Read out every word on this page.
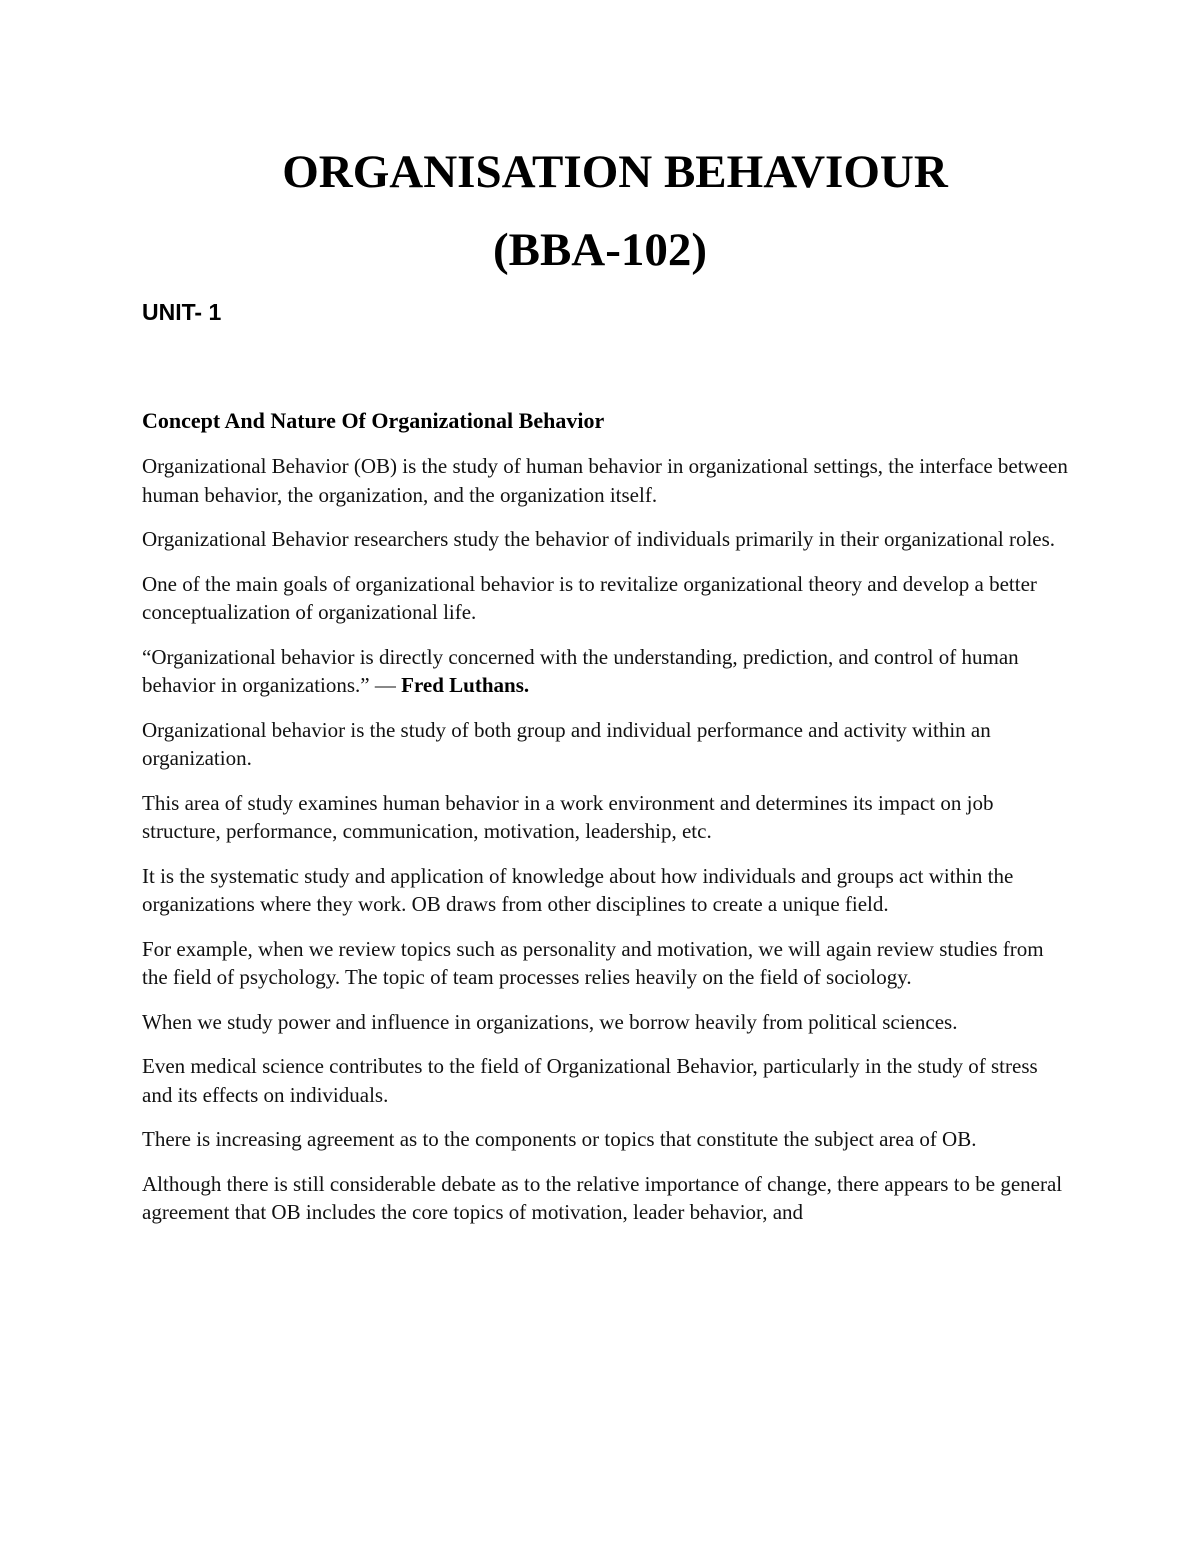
ORGANISATION BEHAVIOUR
(BBA-102)
UNIT- 1
Concept And Nature Of Organizational Behavior

Organizational Behavior (OB) is the study of human behavior in organizational settings, the interface between human behavior, the organization, and the organization itself.

Organizational Behavior researchers study the behavior of individuals primarily in their organizational roles.

One of the main goals of organizational behavior is to revitalize organizational theory and develop a better conceptualization of organizational life.

“Organizational behavior is directly concerned with the understanding, prediction, and control of human behavior in organizations.” — Fred Luthans.

Organizational behavior is the study of both group and individual performance and activity within an organization.

This area of study examines human behavior in a work environment and determines its impact on job structure, performance, communication, motivation, leadership, etc.

It is the systematic study and application of knowledge about how individuals and groups act within the organizations where they work. OB draws from other disciplines to create a unique field.

For example, when we review topics such as personality and motivation, we will again review studies from the field of psychology. The topic of team processes relies heavily on the field of sociology.

When we study power and influence in organizations, we borrow heavily from political sciences.

Even medical science contributes to the field of Organizational Behavior, particularly in the study of stress and its effects on individuals.

There is increasing agreement as to the components or topics that constitute the subject area of OB.

Although there is still considerable debate as to the relative importance of change, there appears to be general agreement that OB includes the core topics of motivation, leader behavior, and
